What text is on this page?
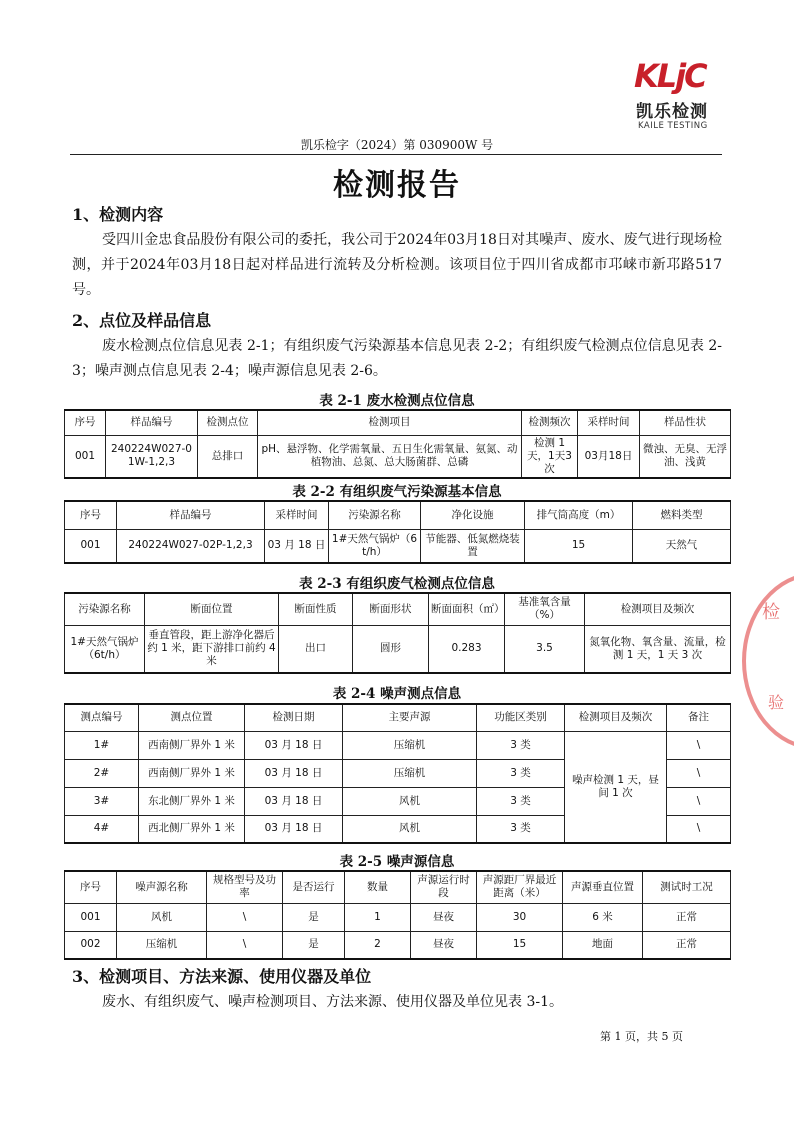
KLjC
凯乐检测
KAILE TESTING
凯乐检字（2024）第 030900W 号
检测报告
1、检测内容
受四川金忠食品股份有限公司的委托，我公司于2024年03月18日对其噪声、废水、废气进行现场检测，并于2024年03月18日起对样品进行流转及分析检测。该项目位于四川省成都市邛崃市新邛路517号。
2、点位及样品信息
废水检测点位信息见表 2-1；有组织废气污染源基本信息见表 2-2；有组织废气检测点位信息见表 2-3；噪声测点信息见表 2-4；噪声源信息见表 2-6。
表 2-1 废水检测点位信息
序号	样品编号	检测点位	检测项目	检测频次	采样时间	样品性状
001	240224W027-01W-1,2,3	总排口	pH、悬浮物、化学需氧量、五日生化需氧量、氨氮、动植物油、总氮、总大肠菌群、总磷	检测 1 天，1天3次	03月18日	微浊、无臭、无浮油、浅黄
表 2-2 有组织废气污染源基本信息
序号	样品编号	采样时间	污染源名称	净化设施	排气筒高度（m）	燃料类型
001	240224W027-02P-1,2,3	03 月 18 日	1#天然气锅炉（6t/h）	节能器、低氮燃烧装置	15	天然气
表 2-3 有组织废气检测点位信息
污染源名称	断面位置	断面性质	断面形状	断面面积（㎡）	基准氧含量（%）	检测项目及频次
1#天然气锅炉（6t/h）	垂直管段，距上游净化器后约 1 米，距下游排口前约 4 米	出口	圆形	0.283	3.5	氮氧化物、氧含量、流量，检测 1 天，1 天 3 次
表 2-4 噪声测点信息
测点编号	测点位置	检测日期	主要声源	功能区类别	检测项目及频次	备注
1#	西南侧厂界外 1 米	03 月 18 日	压缩机	3 类	噪声检测 1 天，昼间 1 次	\
2#	西南侧厂界外 1 米	03 月 18 日	压缩机	3 类		\
3#	东北侧厂界外 1 米	03 月 18 日	风机	3 类		\
4#	西北侧厂界外 1 米	03 月 18 日	风机	3 类		\
表 2-5 噪声源信息
序号	噪声源名称	规格型号及功率	是否运行	数量	声源运行时段	声源距厂界最近距离（米）	声源垂直位置	测试时工况
001	风机	\	是	1	昼夜	30	6 米	正常
002	压缩机	\	是	2	昼夜	15	地面	正常
3、检测项目、方法来源、使用仪器及单位
废水、有组织废气、噪声检测项目、方法来源、使用仪器及单位见表 3-1。
第 1 页，共 5 页
检
验
